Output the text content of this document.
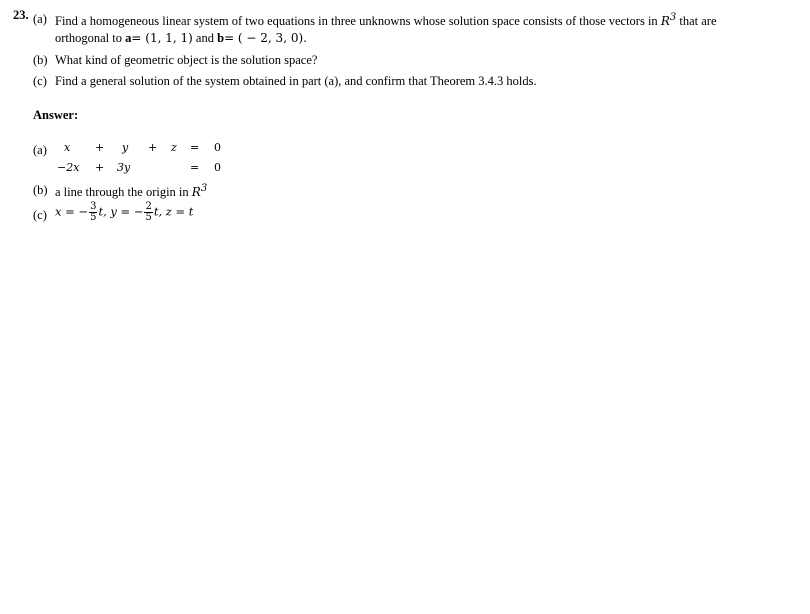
23. (a) Find a homogeneous linear system of two equations in three unknowns whose solution space consists of those vectors in $R^3$ that are
orthogonal to a= (1, 1, 1) and b= ( − 2, 3, 0).
(b) What kind of geometric object is the solution space?
(c) Find a general solution of the system obtained in part (a), and confirm that Theorem 3.4.3 holds.
Answer:
(a) x + y + z = 0
−2x + 3y	= 0
(b) a line through the origin in $R^3$
(c) x = − $\frac{3}{5} t$, y = − $\frac{2}{5} t$, z = t
